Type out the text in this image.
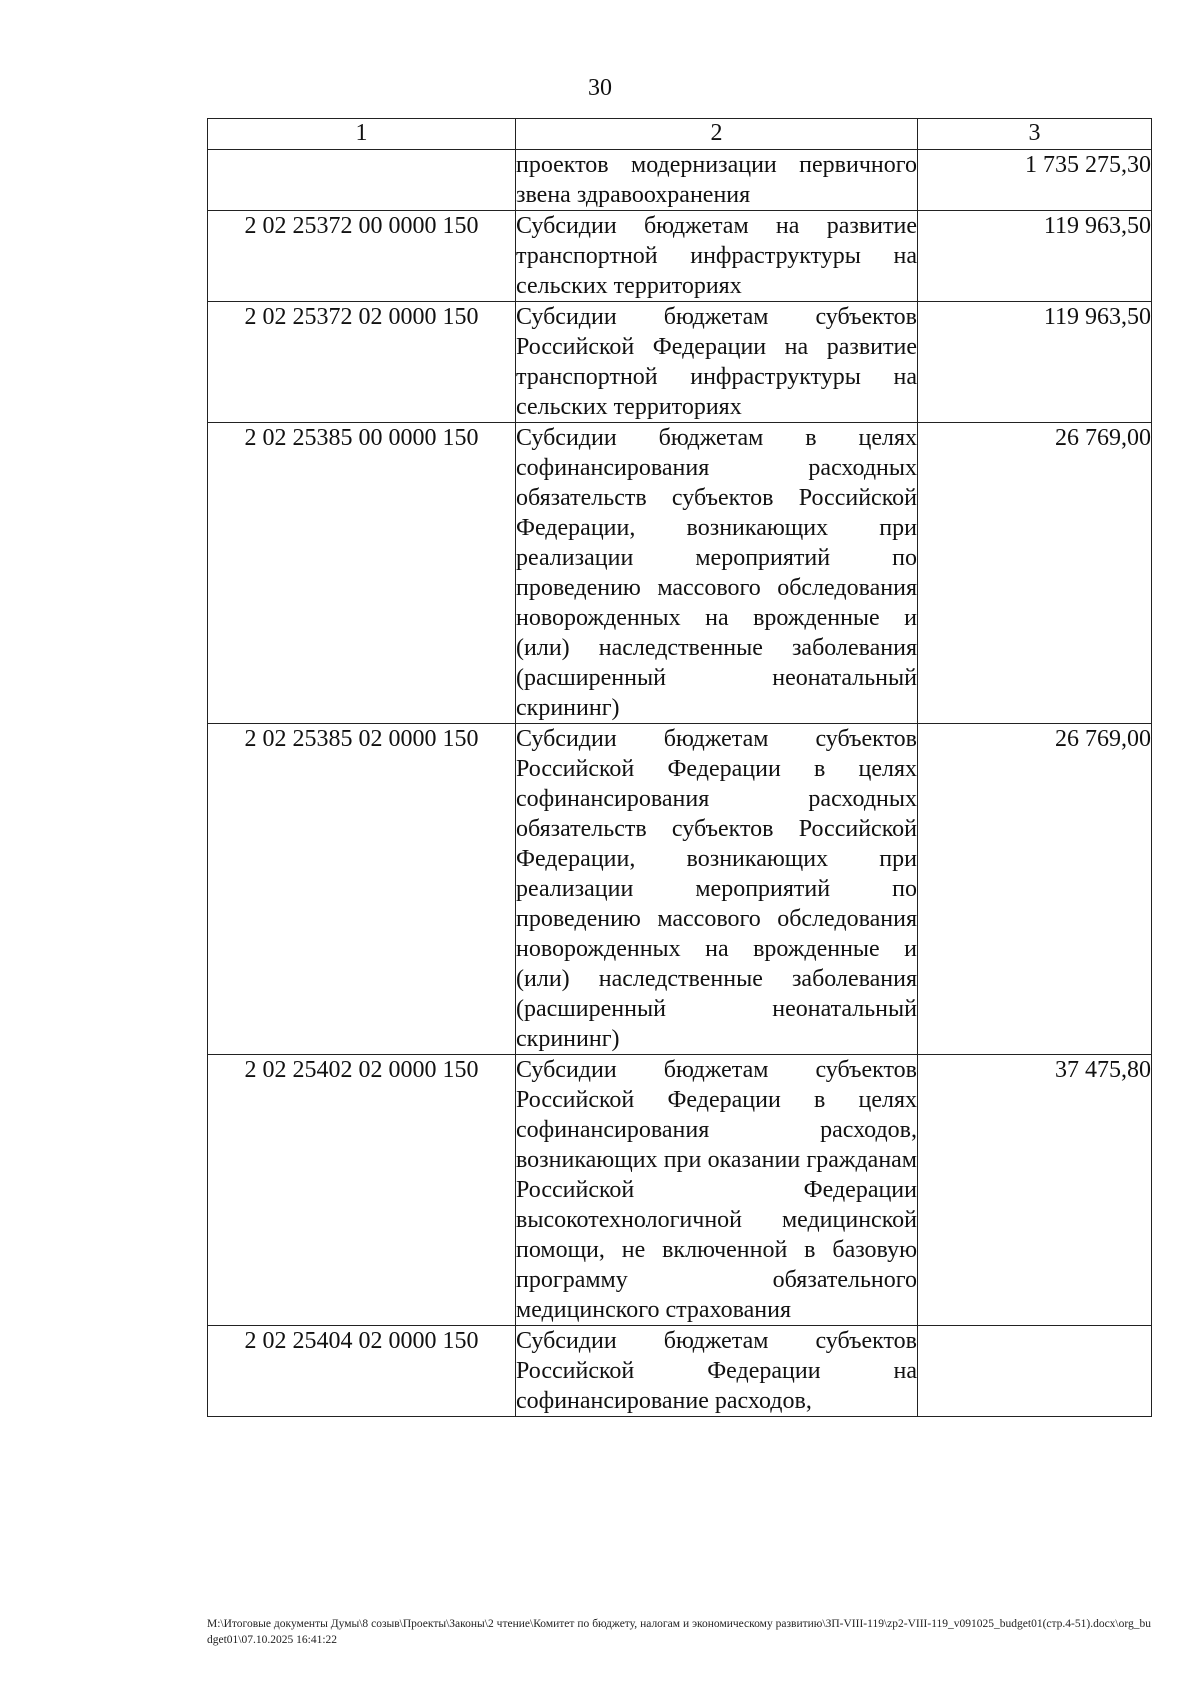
30
1	2	3

	проектов модернизации первичного звена здравоохранения	1 735 275,30
2 02 25372 00 0000 150	Субсидии бюджетам на развитие транспортной инфраструктуры на сельских территориях	119 963,50
2 02 25372 02 0000 150	Субсидии бюджетам субъектов Российской Федерации на развитие транспортной инфраструктуры на сельских территориях	119 963,50
2 02 25385 00 0000 150	Субсидии бюджетам в целях софинансирования расходных обязательств субъектов Российской Федерации, возникающих при реализации мероприятий по проведению массового обследования новорожденных на врожденные и (или) наследственные заболевания (расширенный неонатальный скрининг)	26 769,00
2 02 25385 02 0000 150	Субсидии бюджетам субъектов Российской Федерации в целях софинансирования расходных обязательств субъектов Российской Федерации, возникающих при реализации мероприятий по проведению массового обследования новорожденных на врожденные и (или) наследственные заболевания (расширенный неонатальный скрининг)	26 769,00
2 02 25402 02 0000 150	Субсидии бюджетам субъектов Российской Федерации в целях софинансирования расходов, возникающих при оказании гражданам Российской Федерации высокотехнологичной медицинской помощи, не включенной в базовую программу обязательного медицинского страхования	37 475,80
2 02 25404 02 0000 150	Субсидии бюджетам субъектов Российской Федерации на софинансирование расходов,	

M:\Итоговые документы Думы\8 созыв\Проекты\Законы\2 чтение\Комитет по бюджету, налогам и экономическому развитию\ЗП-VIII-119\zp2-VIII-119_v091025_budget01(стр.4-51).docx\org_budget01\07.10.2025 16:41:22
